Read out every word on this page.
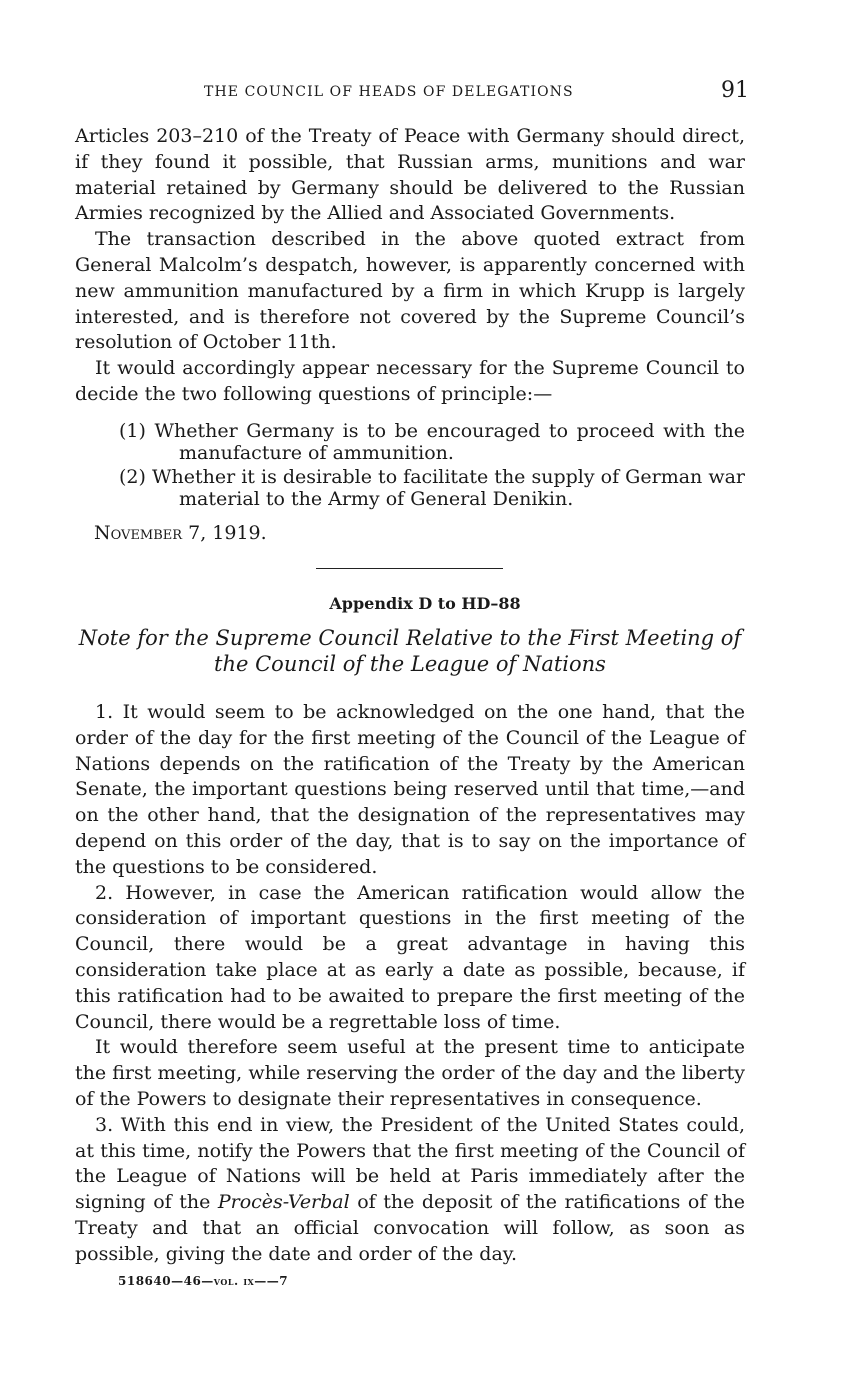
THE COUNCIL OF HEADS OF DELEGATIONS	91

Articles 203–210 of the Treaty of Peace with Germany should direct, if they found it possible, that Russian arms, munitions and war material retained by Germany should be delivered to the Russian Armies recognized by the Allied and Associated Governments.

The transaction described in the above quoted extract from General Malcolm’s despatch, however, is apparently concerned with new ammunition manufactured by a firm in which Krupp is largely interested, and is therefore not covered by the Supreme Council’s resolution of October 11th.

It would accordingly appear necessary for the Supreme Council to decide the two following questions of principle:—

(1) Whether Germany is to be encouraged to proceed with the manufacture of ammunition.

(2) Whether it is desirable to facilitate the supply of German war material to the Army of General Denikin.

November 7, 1919.
Appendix D to HD–88
Note for the Supreme Council Relative to the First Meeting of the Council of the League of Nations

1. It would seem to be acknowledged on the one hand, that the order of the day for the first meeting of the Council of the League of Nations depends on the ratification of the Treaty by the American Senate, the important questions being reserved until that time,—and on the other hand, that the designation of the representatives may depend on this order of the day, that is to say on the importance of the questions to be considered.

2. However, in case the American ratification would allow the consideration of important questions in the first meeting of the Council, there would be a great advantage in having this consideration take place at as early a date as possible, because, if this ratification had to be awaited to prepare the first meeting of the Council, there would be a regrettable loss of time.

It would therefore seem useful at the present time to anticipate the first meeting, while reserving the order of the day and the liberty of the Powers to designate their representatives in consequence.

3. With this end in view, the President of the United States could, at this time, notify the Powers that the first meeting of the Council of the League of Nations will be held at Paris immediately after the signing of the Procès-Verbal of the deposit of the ratifications of the Treaty and that an official convocation will follow, as soon as possible, giving the date and order of the day.

518640—46—vol. ix——7
